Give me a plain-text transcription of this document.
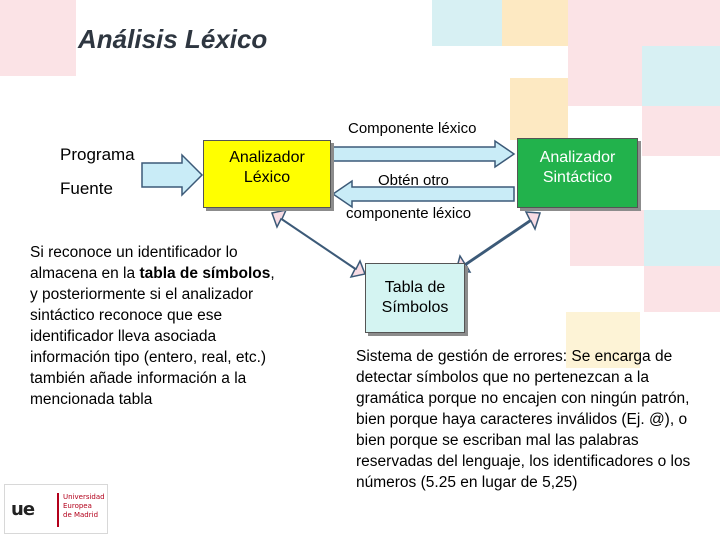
Análisis Léxico
Programa
Fuente
Analizador Léxico
Analizador Sintáctico
Tabla de Símbolos
Componente léxico
Obtén otro
componente léxico
Si reconoce un identificador lo almacena en la tabla de símbolos, y posteriormente si el analizador sintáctico reconoce que ese identificador lleva asociada información tipo (entero, real, etc.) también añade información a la mencionada tabla
Sistema de gestión de errores: Se encarga de detectar símbolos que no pertenezcan a la gramática porque no encajen con ningún patrón, bien porque haya caracteres inválidos (Ej. @), o bien porque se escriban mal las palabras reservadas del lenguaje, los identificadores o los números (5.25 en lugar de 5,25)
ue
Universidad
Europea
de Madrid
